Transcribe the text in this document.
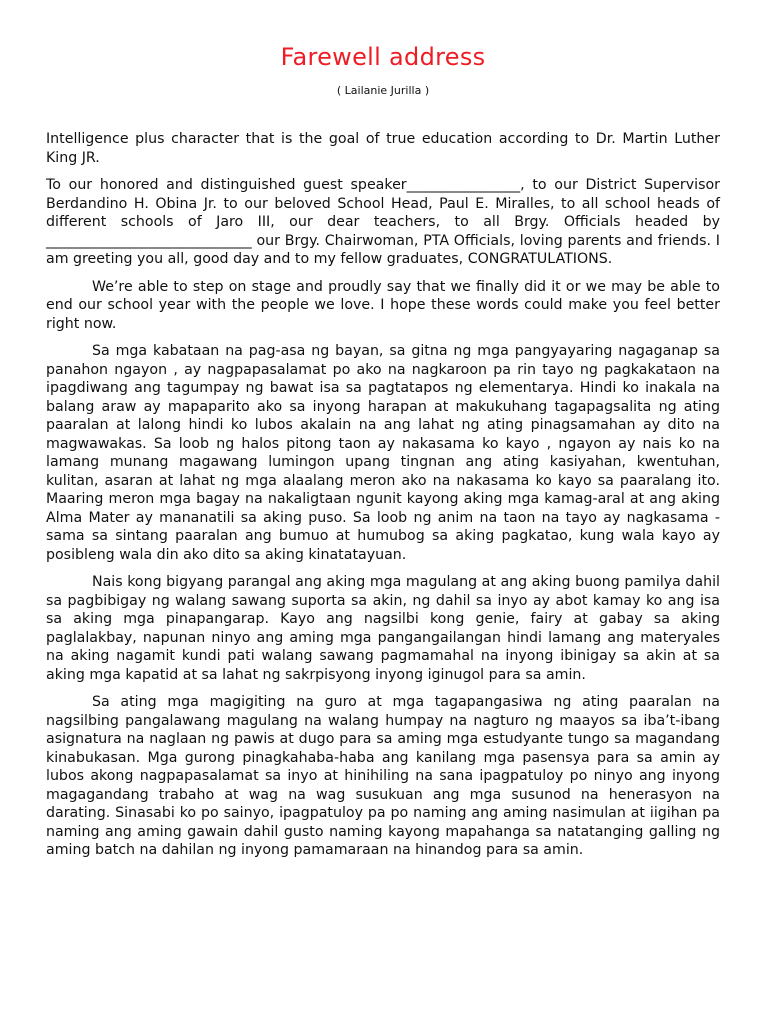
Farewell address
( Lailanie Jurilla )

Intelligence plus character that is the goal of true education according to Dr. Martin Luther King JR.

To our honored and distinguished guest speaker________________, to our District Supervisor Berdandino H. Obina Jr. to our beloved School Head, Paul E. Miralles, to all school heads of different schools of Jaro III, our dear teachers, to all Brgy. Officials headed by _____________________________ our Brgy. Chairwoman, PTA Officials, loving parents and friends. I am greeting you all, good day and to my fellow graduates, CONGRATULATIONS.

We’re able to step on stage and proudly say that we finally did it or we may be able to end our school year with the people we love. I hope these words could make you feel better right now.

Sa mga kabataan na pag-asa ng bayan, sa gitna ng mga pangyayaring nagaganap sa panahon ngayon , ay nagpapasalamat po ako na nagkaroon pa rin tayo ng pagkakataon na ipagdiwang ang tagumpay ng bawat isa sa pagtatapos ng elementarya. Hindi ko inakala na balang araw ay mapaparito ako sa inyong harapan at makukuhang tagapagsalita ng ating paaralan at lalong hindi ko lubos akalain na ang lahat ng ating pinagsamahan ay dito na magwawakas. Sa loob ng halos pitong taon ay nakasama ko kayo , ngayon ay nais ko na lamang munang magawang lumingon upang tingnan ang ating kasiyahan, kwentuhan, kulitan, asaran at lahat ng mga alaalang meron ako na nakasama ko kayo sa paaralang ito. Maaring meron mga bagay na nakaligtaan ngunit kayong aking mga kamag-aral at ang aking Alma Mater ay mananatili sa aking puso. Sa loob ng anim na taon na tayo ay nagkasama -sama sa sintang paaralan ang bumuo at humubog sa aking pagkatao, kung wala kayo ay posibleng wala din ako dito sa aking kinatatayuan.

Nais kong bigyang parangal ang aking mga magulang at ang aking buong pamilya dahil sa pagbibigay ng walang sawang suporta sa akin, ng dahil sa inyo ay abot kamay ko ang isa sa aking mga pinapangarap. Kayo ang nagsilbi kong genie, fairy at gabay sa aking paglalakbay, napunan ninyo ang aming mga pangangailangan hindi lamang ang materyales na aking nagamit kundi pati walang sawang pagmamahal na inyong ibinigay sa akin at sa aking mga kapatid at sa lahat ng sakrpisyong inyong iginugol para sa amin.

Sa ating mga magigiting na guro at mga tagapangasiwa ng ating paaralan na nagsilbing pangalawang magulang na walang humpay na nagturo ng maayos sa iba’t-ibang asignatura na naglaan ng pawis at dugo para sa aming mga estudyante tungo sa magandang kinabukasan. Mga gurong pinagkahaba-haba ang kanilang mga pasensya para sa amin ay lubos akong nagpapasalamat sa inyo at hinihiling na sana ipagpatuloy po ninyo ang inyong magagandang trabaho at wag na wag susukuan ang mga susunod na henerasyon na darating. Sinasabi ko po sainyo, ipagpatuloy pa po naming ang aming nasimulan at iigihan pa naming ang aming gawain dahil gusto naming kayong mapahanga sa natatanging galling ng aming batch na dahilan ng inyong pamamaraan na hinandog para sa amin.
